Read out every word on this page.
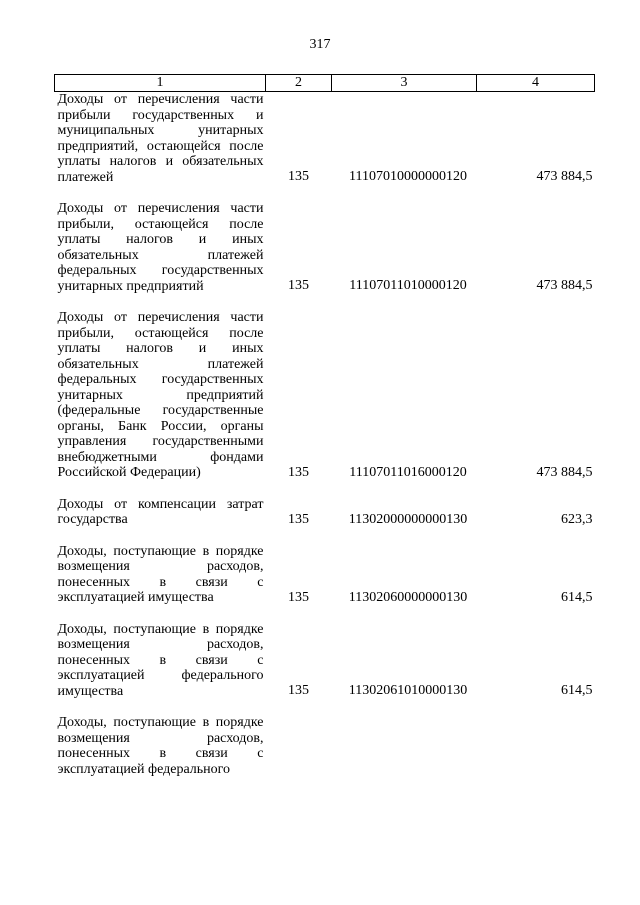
317
1	2	3	4
Доходы от перечисления части прибыли государственных и муниципальных унитарных предприятий, остающейся после уплаты налогов и обязательных платежей	135	11107010000000120	473 884,5
Доходы от перечисления части прибыли, остающейся после уплаты налогов и иных обязательных платежей федеральных государственных унитарных предприятий	135	11107011010000120	473 884,5
Доходы от перечисления части прибыли, остающейся после уплаты налогов и иных обязательных платежей федеральных государственных унитарных предприятий (федеральные государственные органы, Банк России, органы управления государственными внебюджетными фондами Российской Федерации)	135	11107011016000120	473 884,5
Доходы от компенсации затрат государства	135	11302000000000130	623,3
Доходы, поступающие в порядке возмещения расходов, понесенных в связи с эксплуатацией имущества	135	11302060000000130	614,5
Доходы, поступающие в порядке возмещения расходов, понесенных в связи с эксплуатацией федерального имущества	135	11302061010000130	614,5
Доходы, поступающие в порядке возмещения расходов, понесенных в связи с эксплуатацией федерального			
